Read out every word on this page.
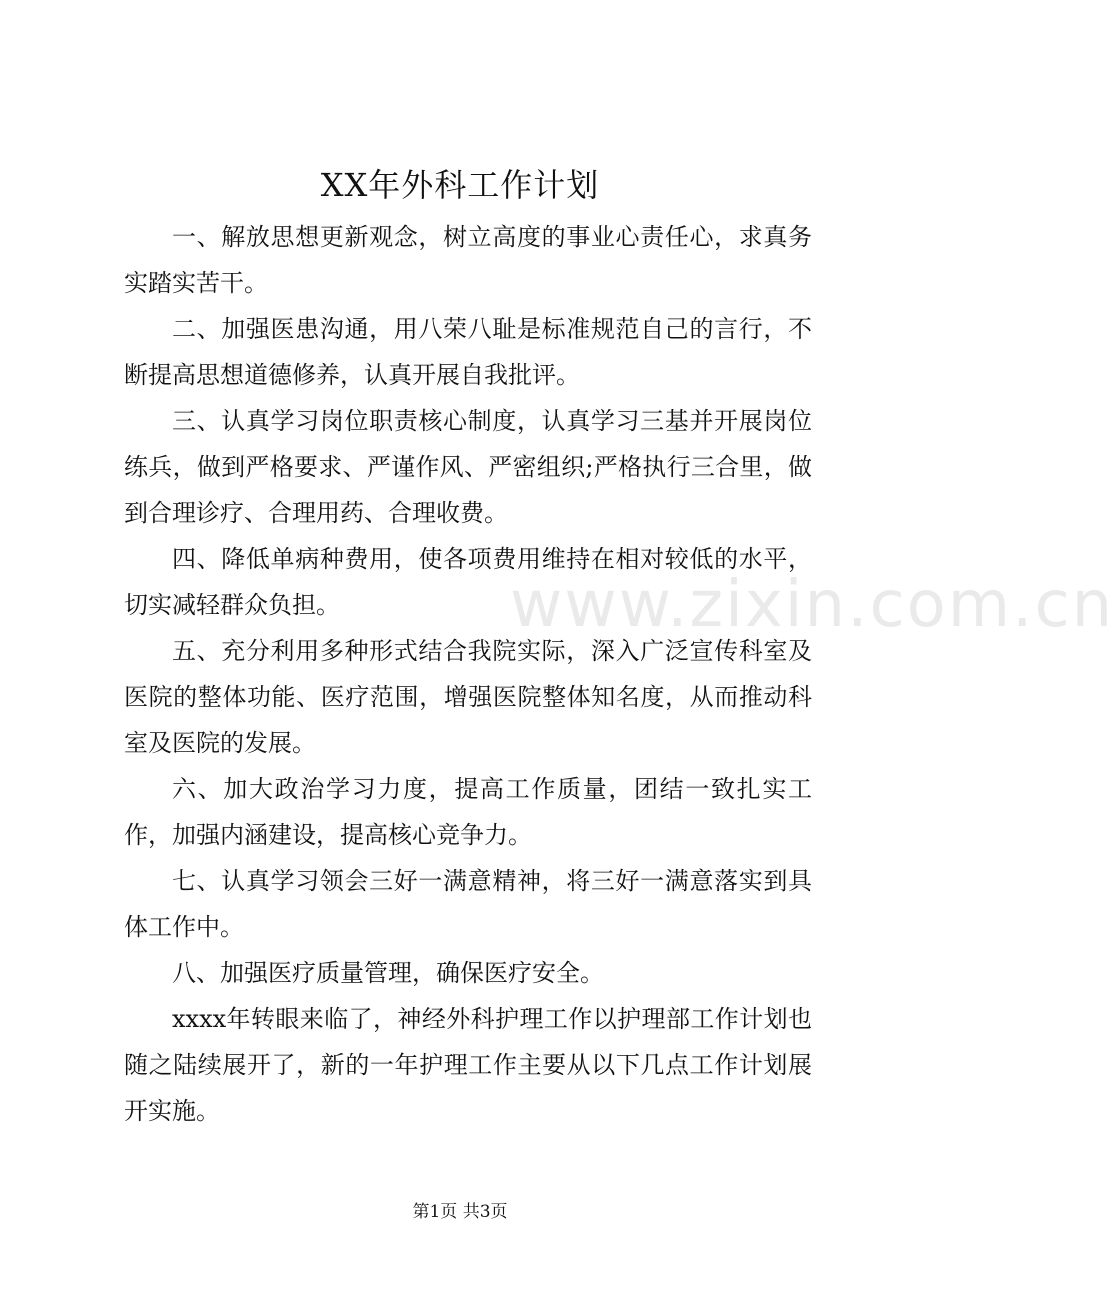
XX年外科工作计划

一、解放思想更新观念，树立高度的事业心责任心，求真务实踏实苦干。

二、加强医患沟通，用八荣八耻是标准规范自己的言行，不断提高思想道德修养，认真开展自我批评。

三、认真学习岗位职责核心制度，认真学习三基并开展岗位练兵，做到严格要求、严谨作风、严密组织;严格执行三合里，做到合理诊疗、合理用药、合理收费。

四、降低单病种费用，使各项费用维持在相对较低的水平，切实减轻群众负担。

五、充分利用多种形式结合我院实际，深入广泛宣传科室及医院的整体功能、医疗范围，增强医院整体知名度，从而推动科室及医院的发展。

六、加大政治学习力度，提高工作质量，团结一致扎实工作，加强内涵建设，提高核心竞争力。

七、认真学习领会三好一满意精神，将三好一满意落实到具体工作中。

八、加强医疗质量管理，确保医疗安全。

xxxx年转眼来临了，神经外科护理工作以护理部工作计划也随之陆续展开了，新的一年护理工作主要从以下几点工作计划展开实施。

www.zixin.com.cn
第1页 共3页
